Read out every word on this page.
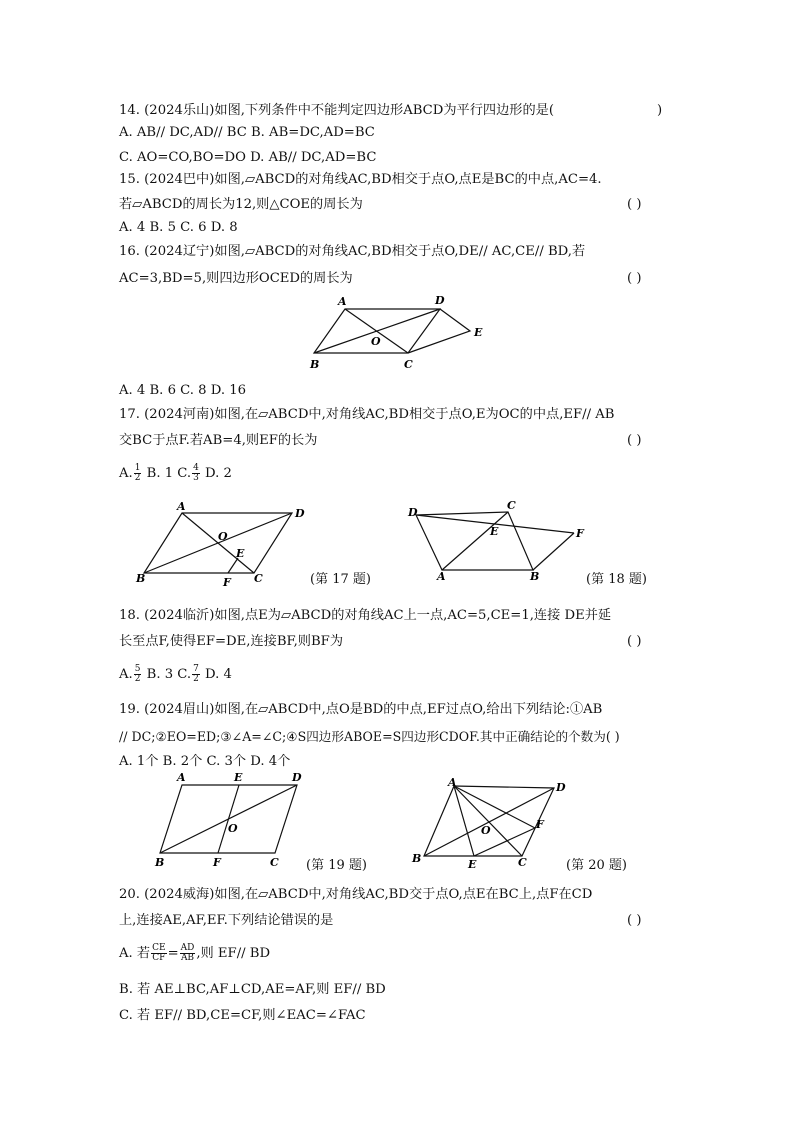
14. (2024乐山)如图,下列条件中不能判定四边形ABCD为平行四边形的是(	)
A. AB// DC,AD// BC B. AB=DC,AD=BC
C. AO=CO,BO=DO D. AB// DC,AD=BC
15. (2024巴中)如图,▱ABCD的对角线AC,BD相交于点O,点E是BC的中点,AC=4.
若▱ABCD的周长为12,则△COE的周长为	( )
A. 4 B. 5 C. 6 D. 8
16. (2024辽宁)如图,▱ABCD的对角线AC,BD相交于点O,DE// AC,CE// BD,若
AC=3,BD=5,则四边形OCED的周长为	( )
A	D
E
O
B	C
A. 4 B. 6 C. 8 D. 16
17. (2024河南)如图,在▱ABCD中,对角线AC,BD相交于点O,E为OC的中点,EF// AB
交BC于点F.若AB=4,则EF的长为	( )
A. $\frac{1}{2} B$. 1 C. $\frac{4}{3} D$. 2
A
D
O
E
B	F C	(第 17 题)
D
C
E	F
A	B	(第 18 题)
18. (2024临沂)如图,点E为▱ABCD的对角线AC上一点,AC=5,CE=1,连接 DE并延
长至点F,使得EF=DE,连接BF,则BF为	( )
A. $\frac{5}{2} B$. 3 C. $\frac{7}{2} D$. 4
19. (2024眉山)如图,在▱ABCD中,点O是BD的中点,EF过点O,给出下列结论:①AB
// DC;②EO=ED;③∠A=∠C;④S四边形ABOE=S四边形CDOF.其中正确结论的个数为( )
A. 1个 B. 2个 C. 3个 D. 4个
A	E	D
O
B	F	C (第 19 题)
A	D
O	F
B	E	C	(第 20 题)
20. (2024威海)如图,在▱ABCD中,对角线AC,BD交于点O,点E在BC上,点F在CD
上,连接AE,AF,EF.下列结论错误的是	( )
A. 若 $\frac{CE}{CF} = \frac{AD}{AB}$ ,则 EF// BD
B. 若 AE⊥BC,AF⊥CD,AE=AF,则 EF// BD
C. 若 EF// BD,CE=CF,则∠EAC=∠FAC
